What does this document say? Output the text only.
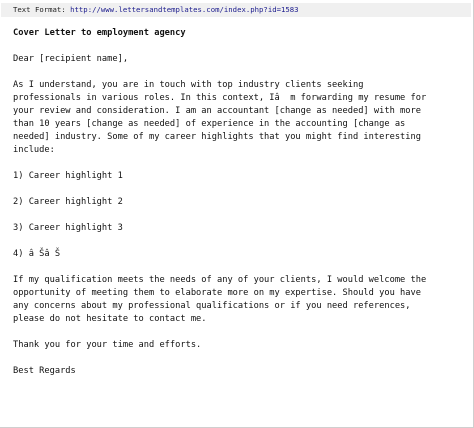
Text Format: http://www.lettersandtemplates.com/index.php?id=1583
Cover Letter to employment agency
Dear [recipient name],
As I understand, you are in touch with top industry clients seeking
professionals in various roles. In this context, Iâ  m forwarding my resume for
your review and consideration. I am an accountant [change as needed] with more
than 10 years [change as needed] of experience in the accounting [change as
needed] industry. Some of my career highlights that you might find interesting
include:
1) Career highlight 1
2) Career highlight 2
3) Career highlight 3
4) â Šâ Š
If my qualification meets the needs of any of your clients, I would welcome the
opportunity of meeting them to elaborate more on my expertise. Should you have
any concerns about my professional qualifications or if you need references,
please do not hesitate to contact me.
Thank you for your time and efforts.
Best Regards
